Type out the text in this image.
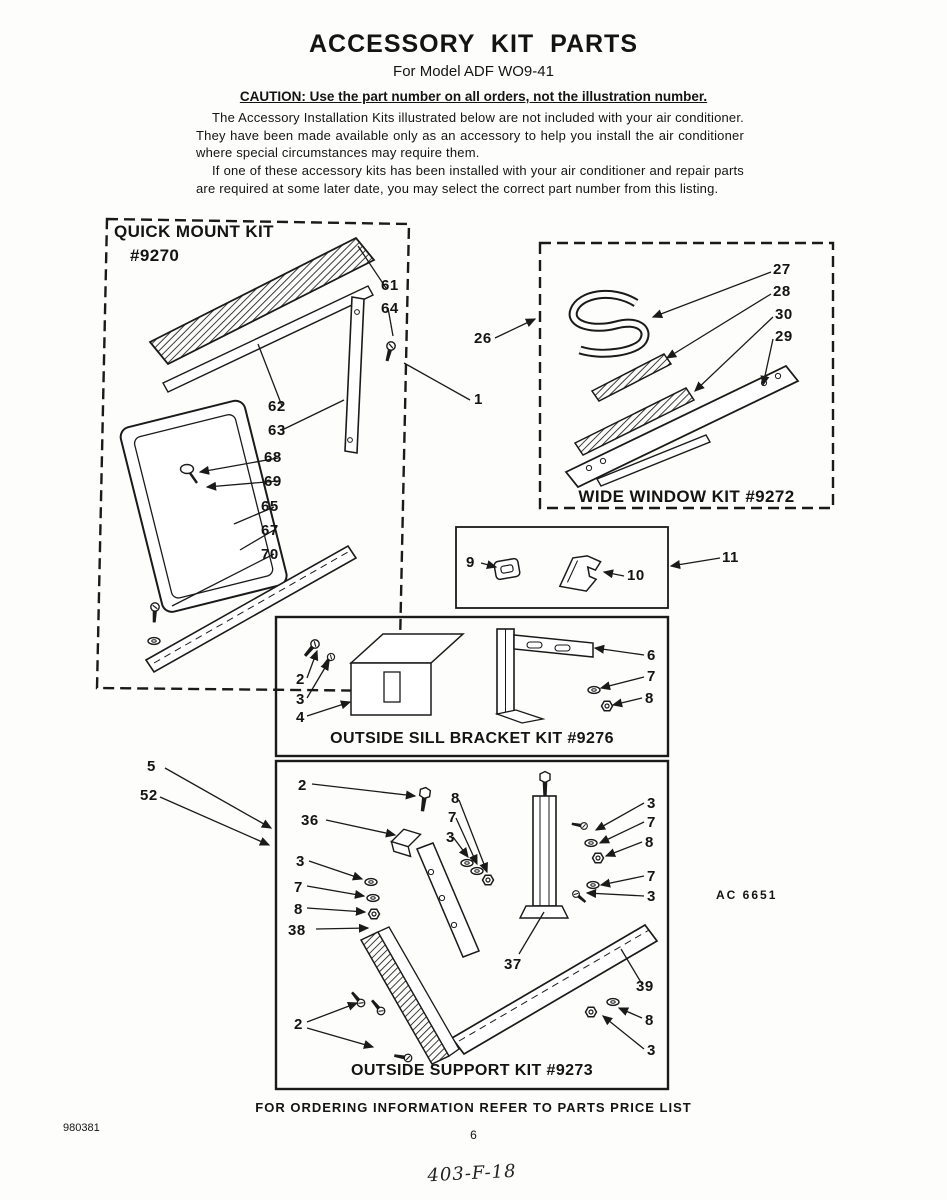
ACCESSORY KIT PARTS
For Model ADF WO9-41
CAUTION: Use the part number on all orders, not the illustration number.

The Accessory Installation Kits illustrated below are not included with your air conditioner. They have been made available only as an accessory to help you install the air conditioner where special circumstances may require them.

If one of these accessory kits has been installed with your air conditioner and repair parts are required at some later date, you may select the correct part number from this listing.

QUICK MOUNT KIT
#9270
WIDE WINDOW KIT #9272
OUTSIDE SILL BRACKET KIT #9276
OUTSIDE SUPPORT KIT #9273
AC 6651
61
64
62
63
68
69
65
67
70
1
5
52
27
28
30
29
26
9
10
11
2
3
4
6
7
8
2
36
8
7
3
3
7
8
3
7
8
38
7
3
37
39
8
3
2
FOR ORDERING INFORMATION REFER TO PARTS PRICE LIST
980381	6
403-F-18
